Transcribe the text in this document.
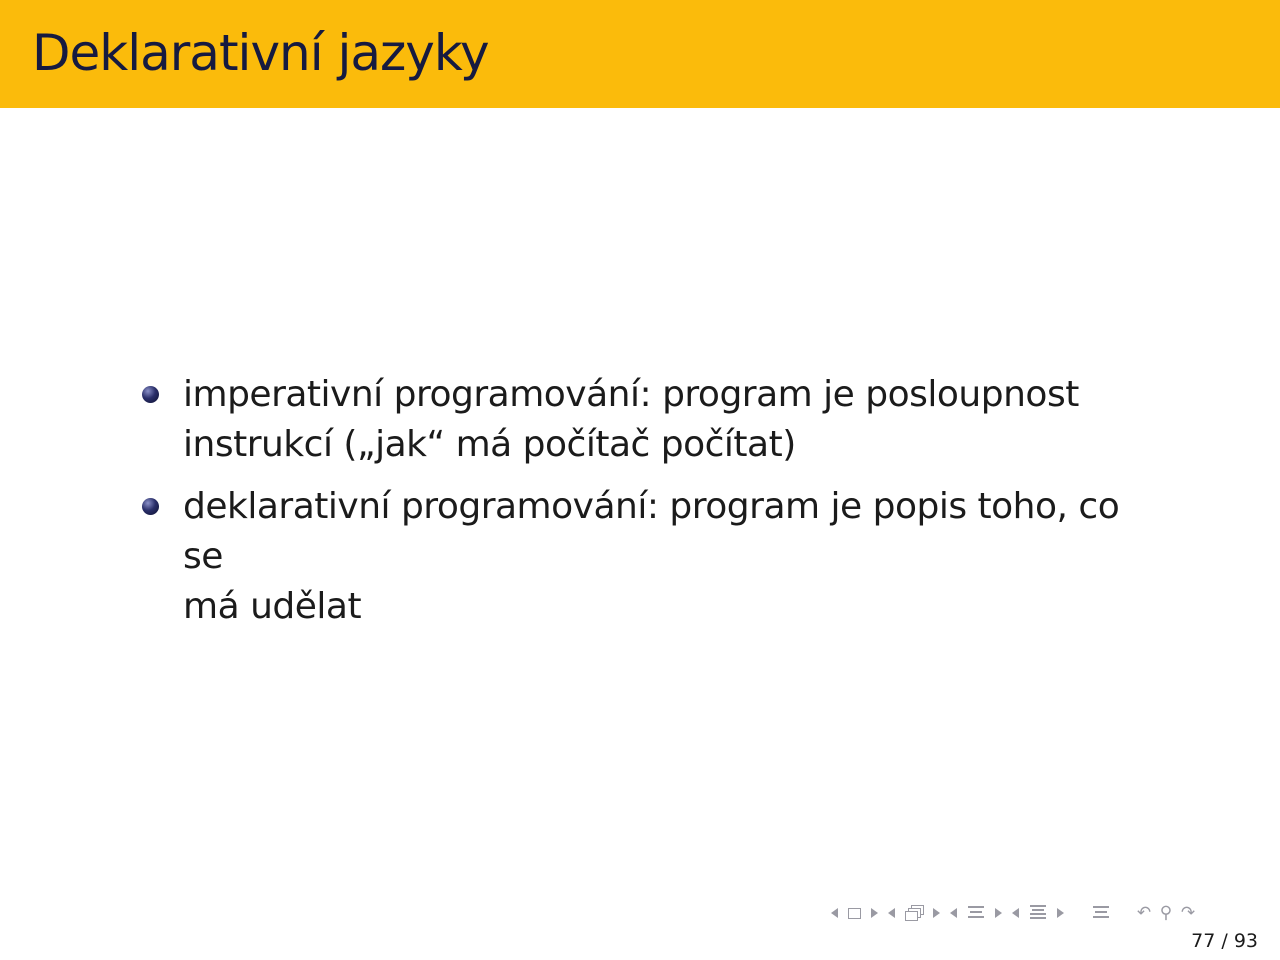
Deklarativní jazyky
imperativní programování: program je posloupnost
instrukcí („jak“ má počítač počítat)
deklarativní programování: program je popis toho, co se
má udělat
↶ ⚲ ↷
77 / 93
